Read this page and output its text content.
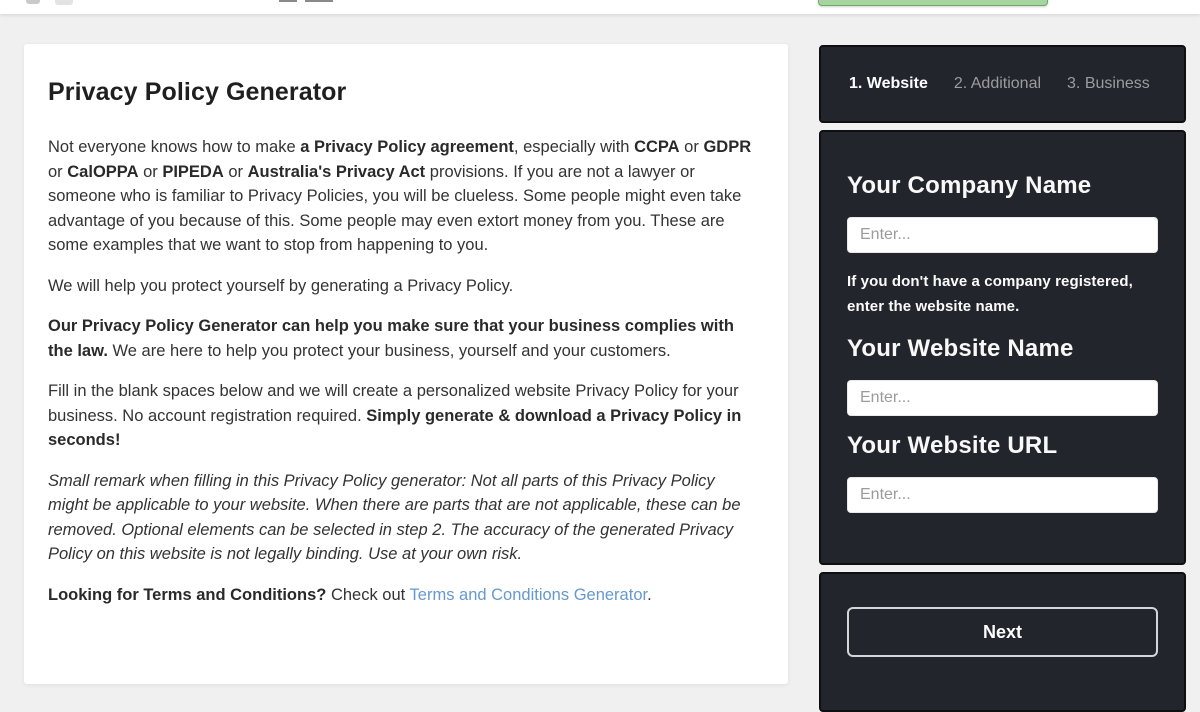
Privacy Policy Generator

Not everyone knows how to make a Privacy Policy agreement, especially with CCPA or GDPR or CalOPPA or PIPEDA or Australia's Privacy Act provisions. If you are not a lawyer or someone who is familiar to Privacy Policies, you will be clueless. Some people might even take advantage of you because of this. Some people may even extort money from you. These are some examples that we want to stop from happening to you.

We will help you protect yourself by generating a Privacy Policy.

Our Privacy Policy Generator can help you make sure that your business complies with the law. We are here to help you protect your business, yourself and your customers.

Fill in the blank spaces below and we will create a personalized website Privacy Policy for your business. No account registration required. Simply generate & download a Privacy Policy in seconds!

Small remark when filling in this Privacy Policy generator: Not all parts of this Privacy Policy might be applicable to your website. When there are parts that are not applicable, these can be removed. Optional elements can be selected in step 2. The accuracy of the generated Privacy Policy on this website is not legally binding. Use at your own risk.

Looking for Terms and Conditions? Check out Terms and Conditions Generator.

1. Website 2. Additional 3. Business
Your Company Name
Enter...
If you don't have a company registered, enter the website name.
Your Website Name
Enter...
Your Website URL
Enter...
Next
